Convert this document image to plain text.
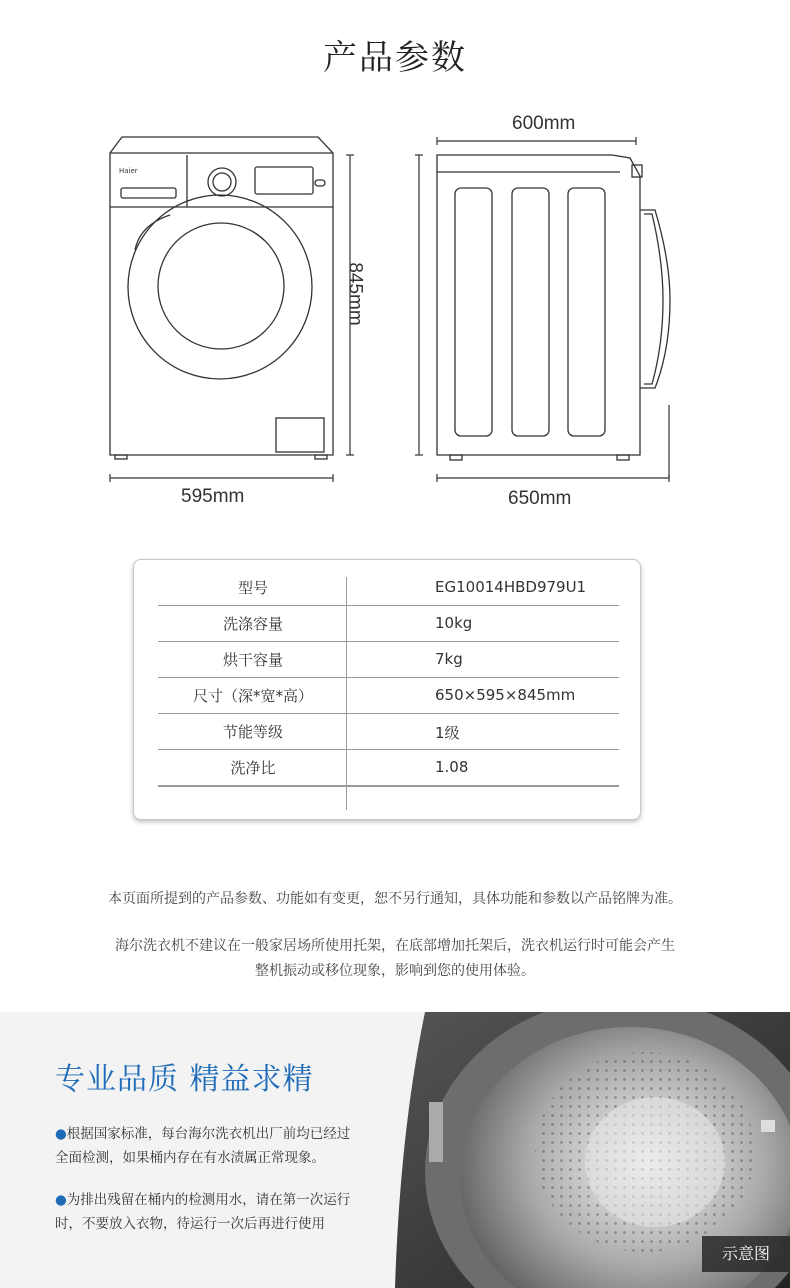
产品参数
600mm
845mm
595mm	650mm
Haier
型号	EG10014HBD979U1
洗涤容量	10kg
烘干容量	7kg
尺寸（深*宽*高）	650×595×845mm
节能等级	1级
洗净比	1.08
本页面所提到的产品参数、功能如有变更，恕不另行通知，具体功能和参数以产品铭牌为准。
海尔洗衣机不建议在一般家居场所使用托架，在底部增加托架后，洗衣机运行时可能会产生
整机振动或移位现象，影响到您的使用体验。
专业品质 精益求精
●根据国家标准，每台海尔洗衣机出厂前均已经过
全面检测，如果桶内存在有水渍属正常现象。
●为排出残留在桶内的检测用水，请在第一次运行
时，不要放入衣物，待运行一次后再进行使用
示意图
